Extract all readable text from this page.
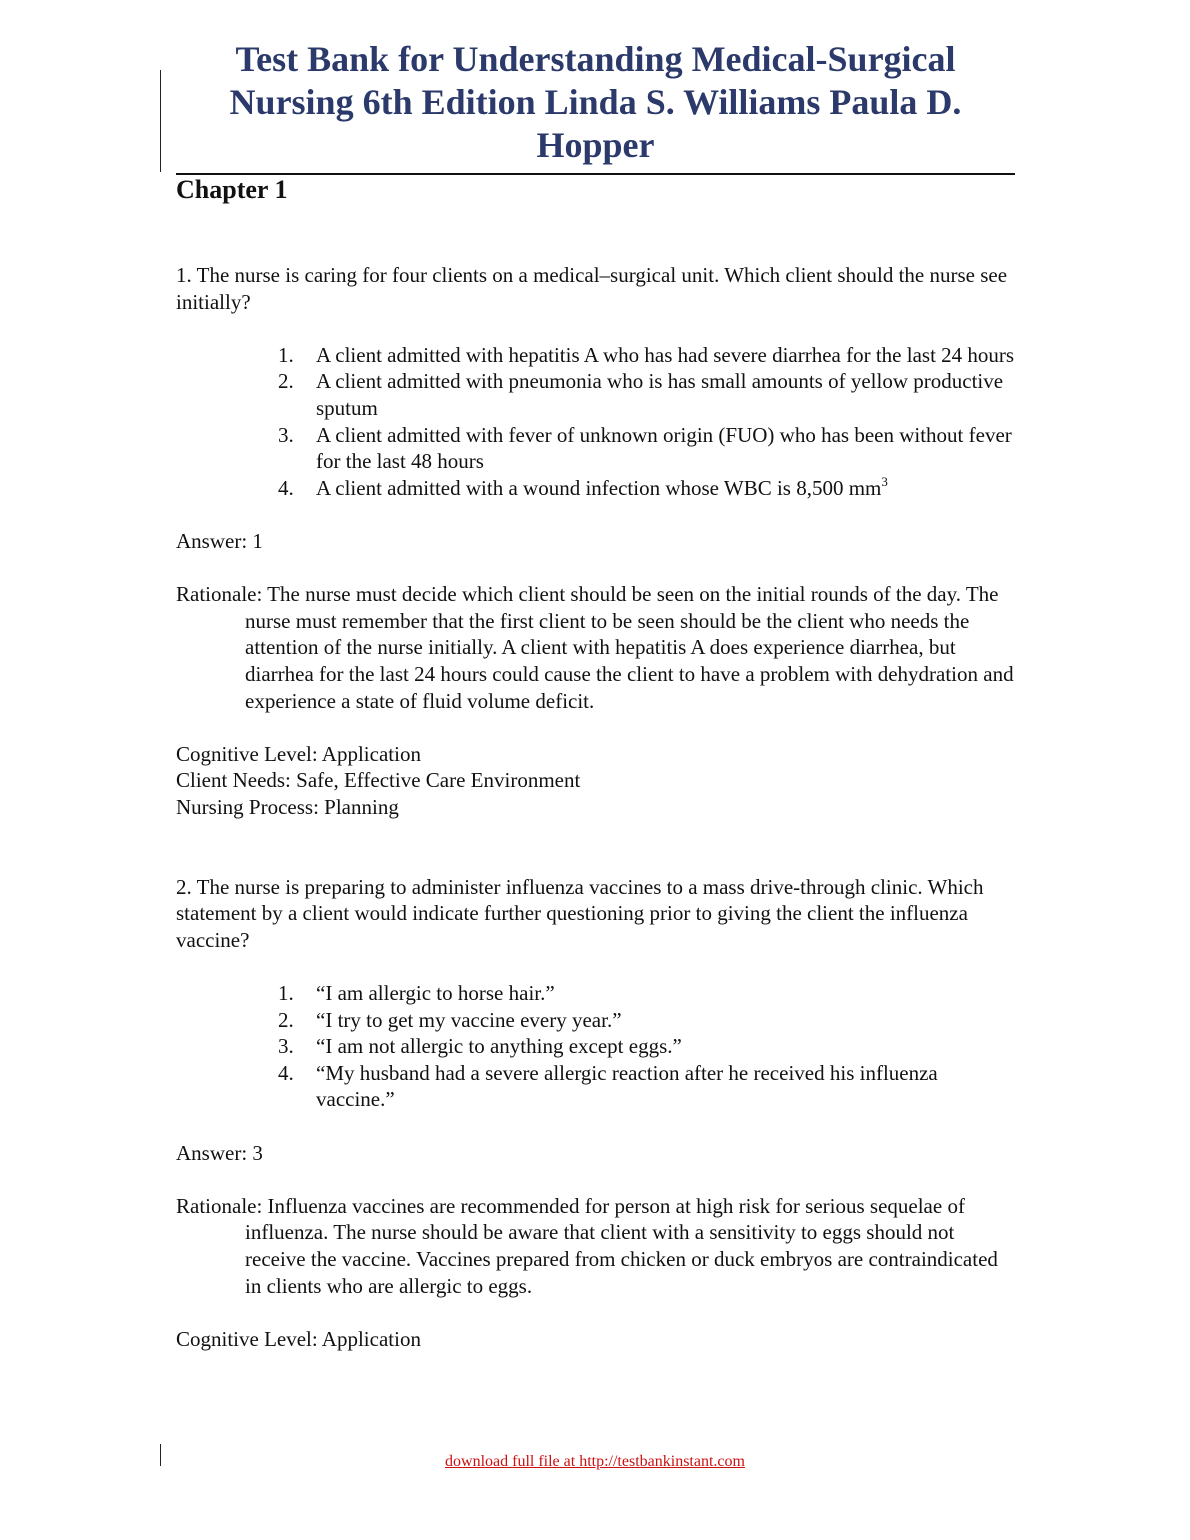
Test Bank for Understanding Medical-Surgical Nursing 6th Edition Linda S. Williams Paula D. Hopper
Chapter 1

1. The nurse is caring for four clients on a medical–surgical unit. Which client should the nurse see initially?

1. A client admitted with hepatitis A who has had severe diarrhea for the last 24 hours
2. A client admitted with pneumonia who is has small amounts of yellow productive sputum
3. A client admitted with fever of unknown origin (FUO) who has been without fever for the last 48 hours
4. A client admitted with a wound infection whose WBC is 8,500 $mm^3$

Answer: 1

Rationale: The nurse must decide which client should be seen on the initial rounds of the day. The nurse must remember that the first client to be seen should be the client who needs the attention of the nurse initially. A client with hepatitis A does experience diarrhea, but diarrhea for the last 24 hours could cause the client to have a problem with dehydration and experience a state of fluid volume deficit.

Cognitive Level: Application

Client Needs: Safe, Effective Care Environment

Nursing Process: Planning

2. The nurse is preparing to administer influenza vaccines to a mass drive-through clinic. Which statement by a client would indicate further questioning prior to giving the client the influenza vaccine?

1. “I am allergic to horse hair.”
2. “I try to get my vaccine every year.”
3. “I am not allergic to anything except eggs.”
4. “My husband had a severe allergic reaction after he received his influenza vaccine.”

Answer: 3

Rationale: Influenza vaccines are recommended for person at high risk for serious sequelae of influenza. The nurse should be aware that client with a sensitivity to eggs should not receive the vaccine. Vaccines prepared from chicken or duck embryos are contraindicated in clients who are allergic to eggs.

Cognitive Level: Application

download full file at http://testbankinstant.com
